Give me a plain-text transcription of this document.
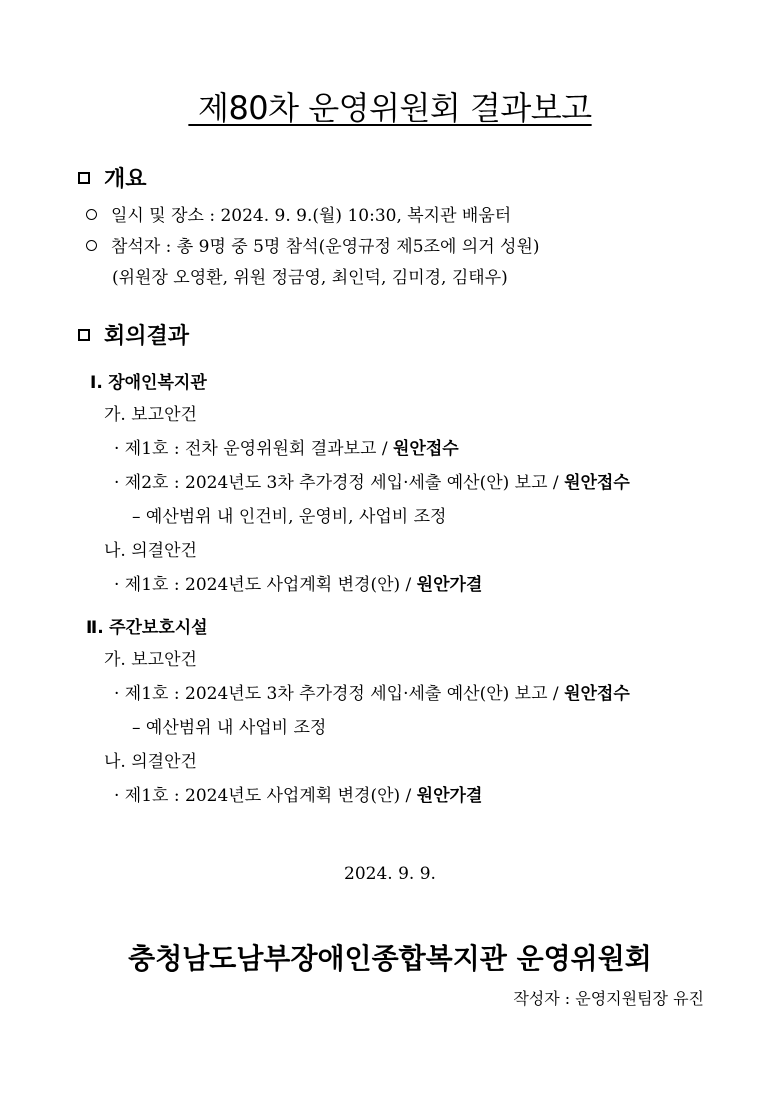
제80차 운영위원회 결과보고
개요
일시 및 장소 : 2024. 9. 9.(월) 10:30, 복지관 배움터
참석자 : 총 9명 중 5명 참석(운영규정 제5조에 의거 성원)
(위원장 오영환, 위원 정금영, 최인덕, 김미경, 김태우)
회의결과
Ⅰ. 장애인복지관
가. 보고안건
· 제1호 : 전차 운영위원회 결과보고 / 원안접수
· 제2호 : 2024년도 3차 추가경정 세입·세출 예산(안) 보고 / 원안접수
– 예산범위 내 인건비, 운영비, 사업비 조정
나. 의결안건
· 제1호 : 2024년도 사업계획 변경(안) / 원안가결
Ⅱ. 주간보호시설
가. 보고안건
· 제1호 : 2024년도 3차 추가경정 세입·세출 예산(안) 보고 / 원안접수
– 예산범위 내 사업비 조정
나. 의결안건
· 제1호 : 2024년도 사업계획 변경(안) / 원안가결
2024. 9. 9.
충청남도남부장애인종합복지관 운영위원회
작성자 : 운영지원팀장 유진
